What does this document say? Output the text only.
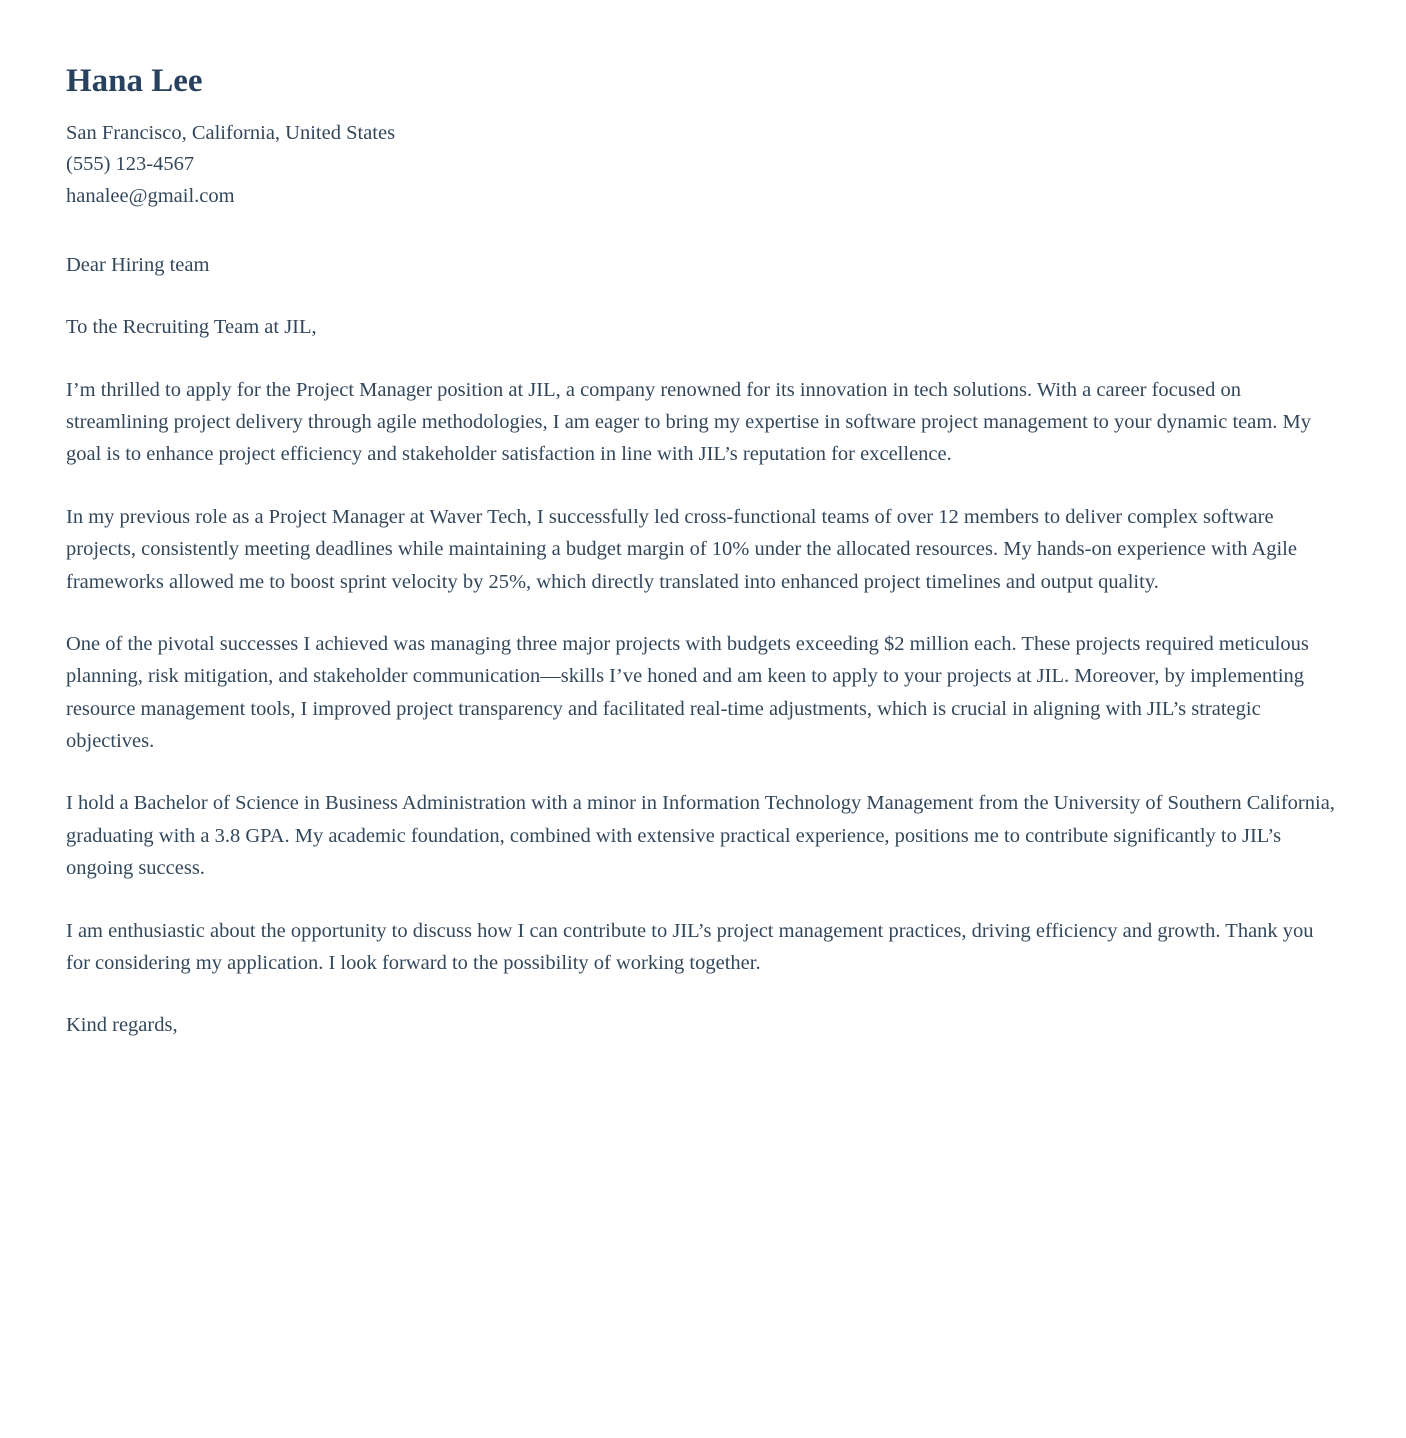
Hana Lee
San Francisco, California, United States
(555) 123-4567
hanalee@gmail.com

Dear Hiring team

To the Recruiting Team at JIL,

I’m thrilled to apply for the Project Manager position at JIL, a company renowned for its innovation in tech solutions. With a career focused on streamlining project delivery through agile methodologies, I am eager to bring my expertise in software project management to your dynamic team. My goal is to enhance project efficiency and stakeholder satisfaction in line with JIL’s reputation for excellence.

In my previous role as a Project Manager at Waver Tech, I successfully led cross-functional teams of over 12 members to deliver complex software projects, consistently meeting deadlines while maintaining a budget margin of 10% under the allocated resources. My hands-on experience with Agile frameworks allowed me to boost sprint velocity by 25%, which directly translated into enhanced project timelines and output quality.

One of the pivotal successes I achieved was managing three major projects with budgets exceeding $2 million each. These projects required meticulous planning, risk mitigation, and stakeholder communication—skills I’ve honed and am keen to apply to your projects at JIL. Moreover, by implementing resource management tools, I improved project transparency and facilitated real-time adjustments, which is crucial in aligning with JIL’s strategic objectives.

I hold a Bachelor of Science in Business Administration with a minor in Information Technology Management from the University of Southern California, graduating with a 3.8 GPA. My academic foundation, combined with extensive practical experience, positions me to contribute significantly to JIL’s ongoing success.

I am enthusiastic about the opportunity to discuss how I can contribute to JIL’s project management practices, driving efficiency and growth. Thank you for considering my application. I look forward to the possibility of working together.

Kind regards,
